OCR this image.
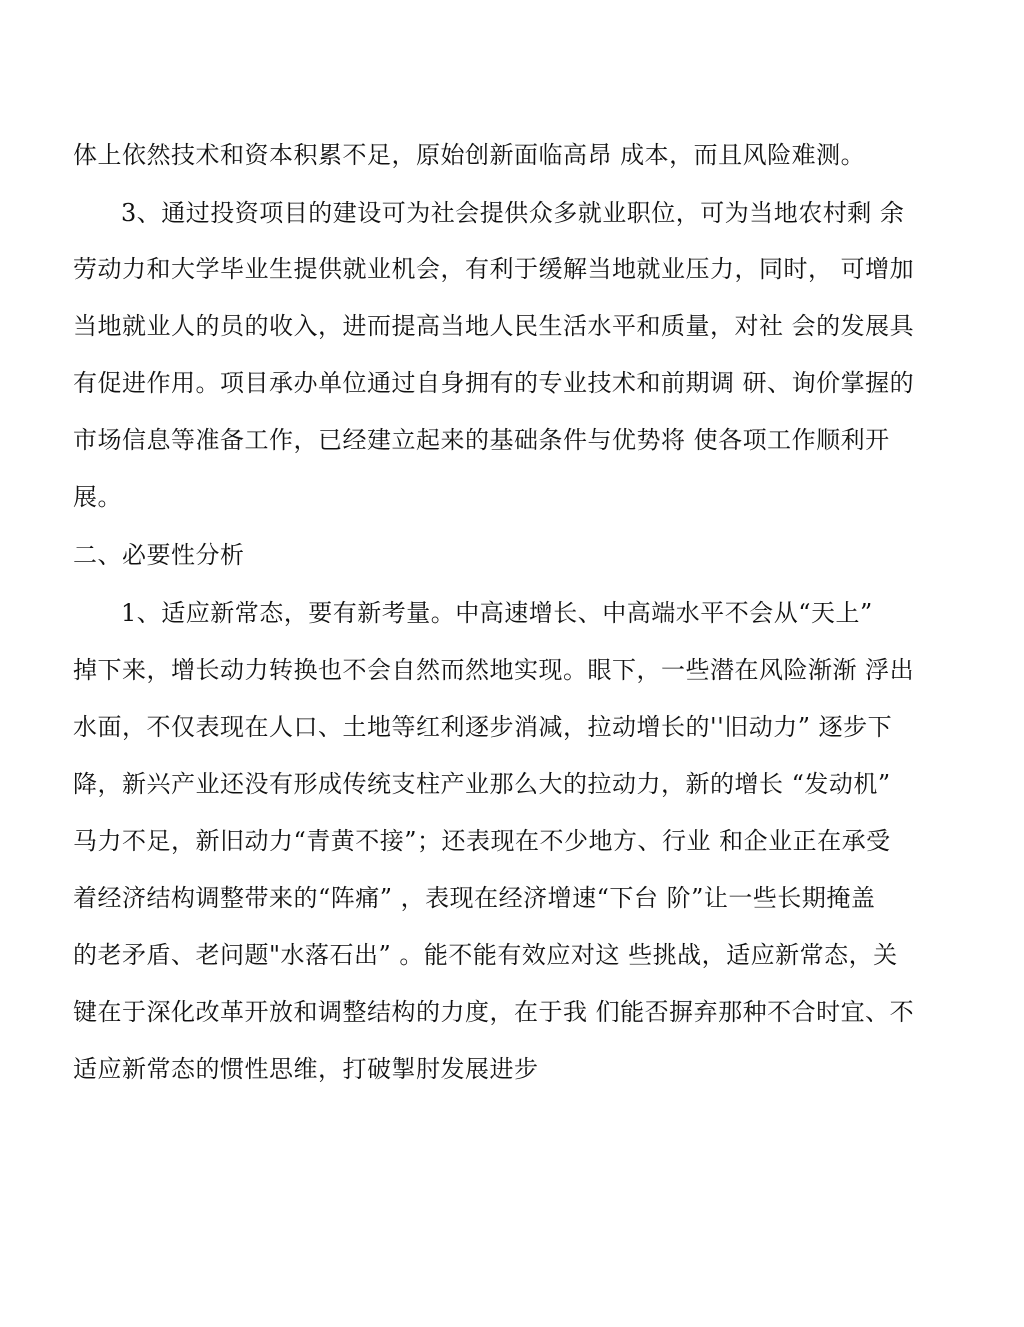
体上依然技术和资本积累不足，原始创新面临高昂 成本，而且风险难测。
3、通过投资项目的建设可为社会提供众多就业职位，可为当地农村剩 余
劳动力和大学毕业生提供就业机会，有利于缓解当地就业压力，同时， 可增加
当地就业人的员的收入，进而提高当地人民生活水平和质量，对社 会的发展具
有促进作用。项目承办单位通过自身拥有的专业技术和前期调 研、询价掌握的
市场信息等准备工作，已经建立起来的基础条件与优势将 使各项工作顺利开
展。
二、必要性分析
1、适应新常态，要有新考量。中高速增长、中高端水平不会从“天上”
掉下来，增长动力转换也不会自然而然地实现。眼下，一些潜在风险渐渐 浮出
水面，不仅表现在人口、土地等红利逐步消减，拉动增长的''旧动力” 逐步下
降，新兴产业还没有形成传统支柱产业那么大的拉动力，新的增长 “发动机”
马力不足，新旧动力“青黄不接”；还表现在不少地方、行业 和企业正在承受
着经济结构调整带来的“阵痛” ，表现在经济增速“下台 阶”让一些长期掩盖
的老矛盾、老问题"水落石出” 。能不能有效应对这 些挑战，适应新常态，关
键在于深化改革开放和调整结构的力度，在于我 们能否摒弃那种不合时宜、不
适应新常态的惯性思维，打破掣肘发展进步
